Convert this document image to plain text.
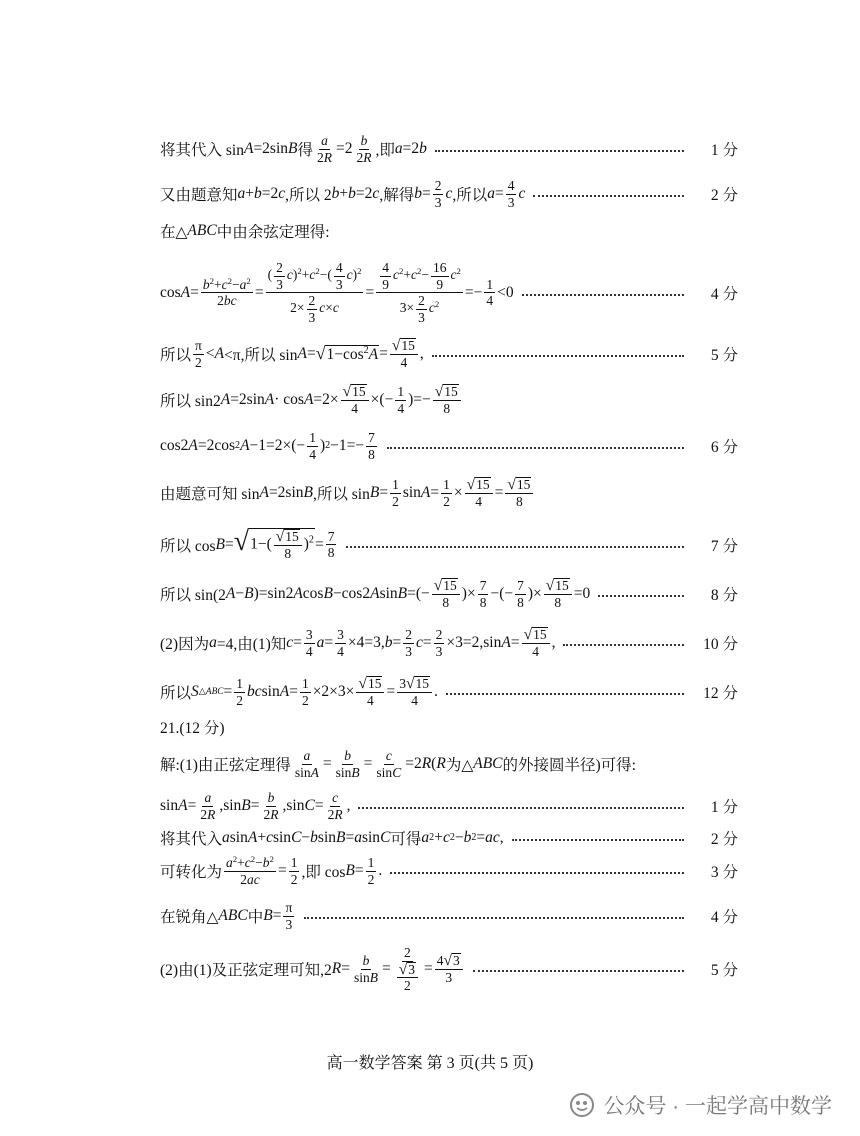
将其代入 sin A =2sin B 得 $\frac{a}{2R} =2 \frac{b}{2R}$ ,即 a =2 b	1 分
又由题意知 a + b =2 c ,所以 2 b + b =2 c ,解得 $b = \frac{2}{3}$ c ,所以 $a = \frac{4}{3}$ c	2 分
在△ ABC 中由余弦定理得:
$\cos A = \frac{b^2+c^2-a^2}{2bc} = \frac{( \frac{2}{3} c)^2+c^2-( \frac{4}{3} c)^2}{2\times \frac{2}{3} c\times c} = \frac{\frac{4}{9} c^2+c^2- \frac{16}{9} c^2}{3\times \frac{2}{3} c^2} =- \frac{1}{4} <0$	4 分
所以 $\frac{\pi}{2} < A <\pi$,所以 sin A = √ $1-\cos^2A = \frac{√ 15}{4}$ ,	5 分
所以 sin2 A =2sin $A \cdot \cos A =2\times \frac{√ 15}{4}$ ×(− $\frac{1}{4}$ )=− $\frac{√ 15}{8}$
cos2 A =2cos 2 $A -1=2\times(- \frac{1}{4}$ ) $2 -1=- \frac{7}{8}$	6 分
由题意可知 sin A =2sin B ,所以 $\sin B = \frac{1}{2}$ $\sin A = \frac{1}{2} \times \frac{√ 15}{4} = \frac{√ 15}{8}$
所以 cos B = √ $1-( \frac{√ 15}{8} )^2 = \frac{7}{8}$	7 分
所以 sin(2 A − B )=sin2 A cos B −cos2 A sin B =(− $\frac{√ 15}{8}$ )× $\frac{7}{8}$ −(− $\frac{7}{8}$ )× $\frac{√ 15}{8} =0$	8 分
(2)因为 a =4,由(1)知 $c = \frac{3}{4}$ $a = \frac{3}{4} \times 4=3$, $b = \frac{2}{3}$ $c = \frac{2}{3} \times 3=2,\sin$ $A = \frac{√ 15}{4}$ ,	10 分
所以 S △ABC = $\frac{1}{2}$ bc $\sin A = \frac{1}{2} \times 2\times 3\times \frac{√ 15}{4} = \frac{3 √ 15}{4}$ .	12 分
21.(12 分)
解:(1)由正弦定理得 $\frac{a}{\sin A} = \frac{b}{\sin B} = \frac{c}{\sin C} =2$ R ( R 为△ ABC 的外接圆半径)可得:
$\sin A = \frac{a}{2R} ,\sin$ $B = \frac{b}{2R} ,\sin$ $C = \frac{c}{2R}$ ,	1 分
将其代入 a sin A + c sin C − b sin B = a sin C 可得 a 2 + c 2 − b 2 = ac ,	2 分
可转化为 $\frac{a^2+c^2-b^2}{2ac} = \frac{1}{2}$ ,即 $\cos B = \frac{1}{2}$ .	3 分
在锐角△ ABC 中 $B = \frac{\pi}{3}$	4 分
(2)由(1)及正弦定理可知,2 $R = \frac{b}{\sin B} = \frac{2}{\frac{√ 3}{2}} = \frac{4 √ 3}{3}$	5 分
高一数学答案 第 3 页(共 5 页)
公众号 · 一起学高中数学
